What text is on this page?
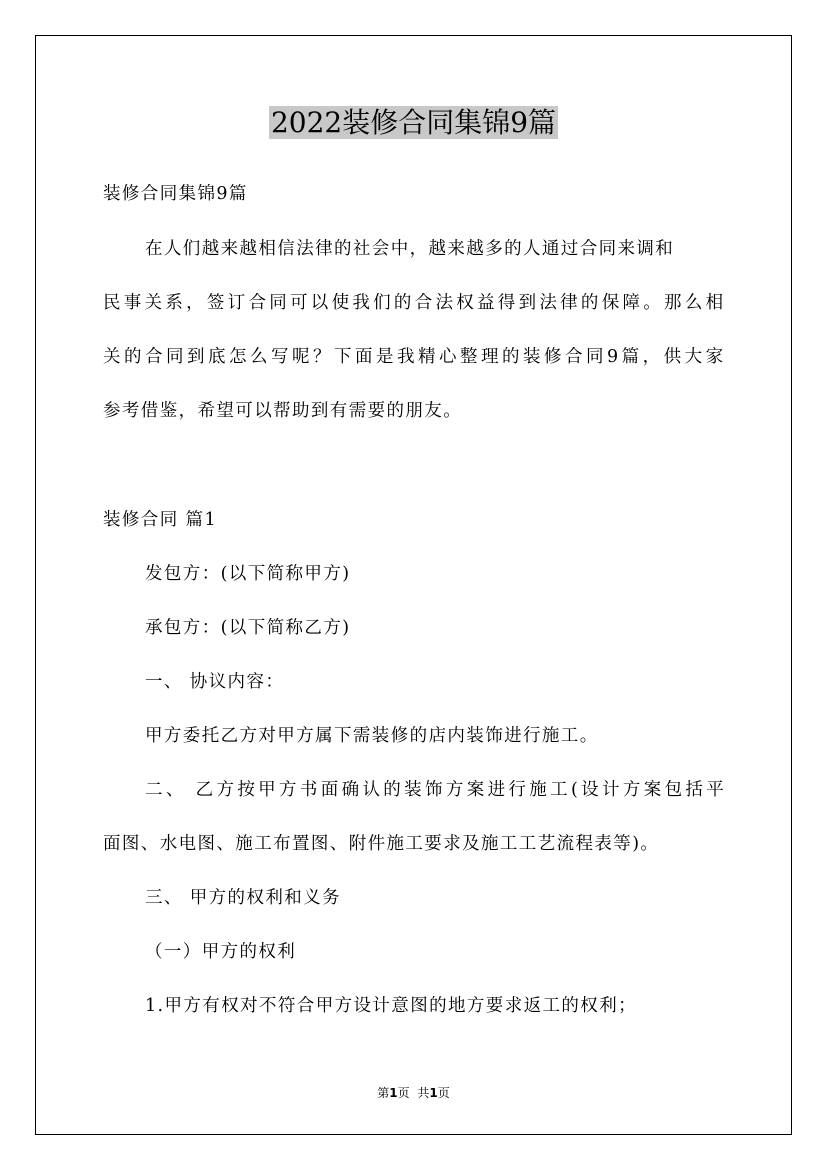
2022装修合同集锦9篇
装修合同集锦9篇
在人们越来越相信法律的社会中，越来越多的人通过合同来调和
民事关系，签订合同可以使我们的合法权益得到法律的保障。那么相
关的合同到底怎么写呢？下面是我精心整理的装修合同9篇，供大家
参考借鉴，希望可以帮助到有需要的朋友。
装修合同 篇1
发包方：(以下简称甲方)
承包方：(以下简称乙方)
一、 协议内容：
甲方委托乙方对甲方属下需装修的店内装饰进行施工。
二、 乙方按甲方书面确认的装饰方案进行施工(设计方案包括平
面图、水电图、施工布置图、附件施工要求及施工工艺流程表等)。
三、 甲方的权利和义务
（一）甲方的权利
1.甲方有权对不符合甲方设计意图的地方要求返工的权利；
第1页 共1页
